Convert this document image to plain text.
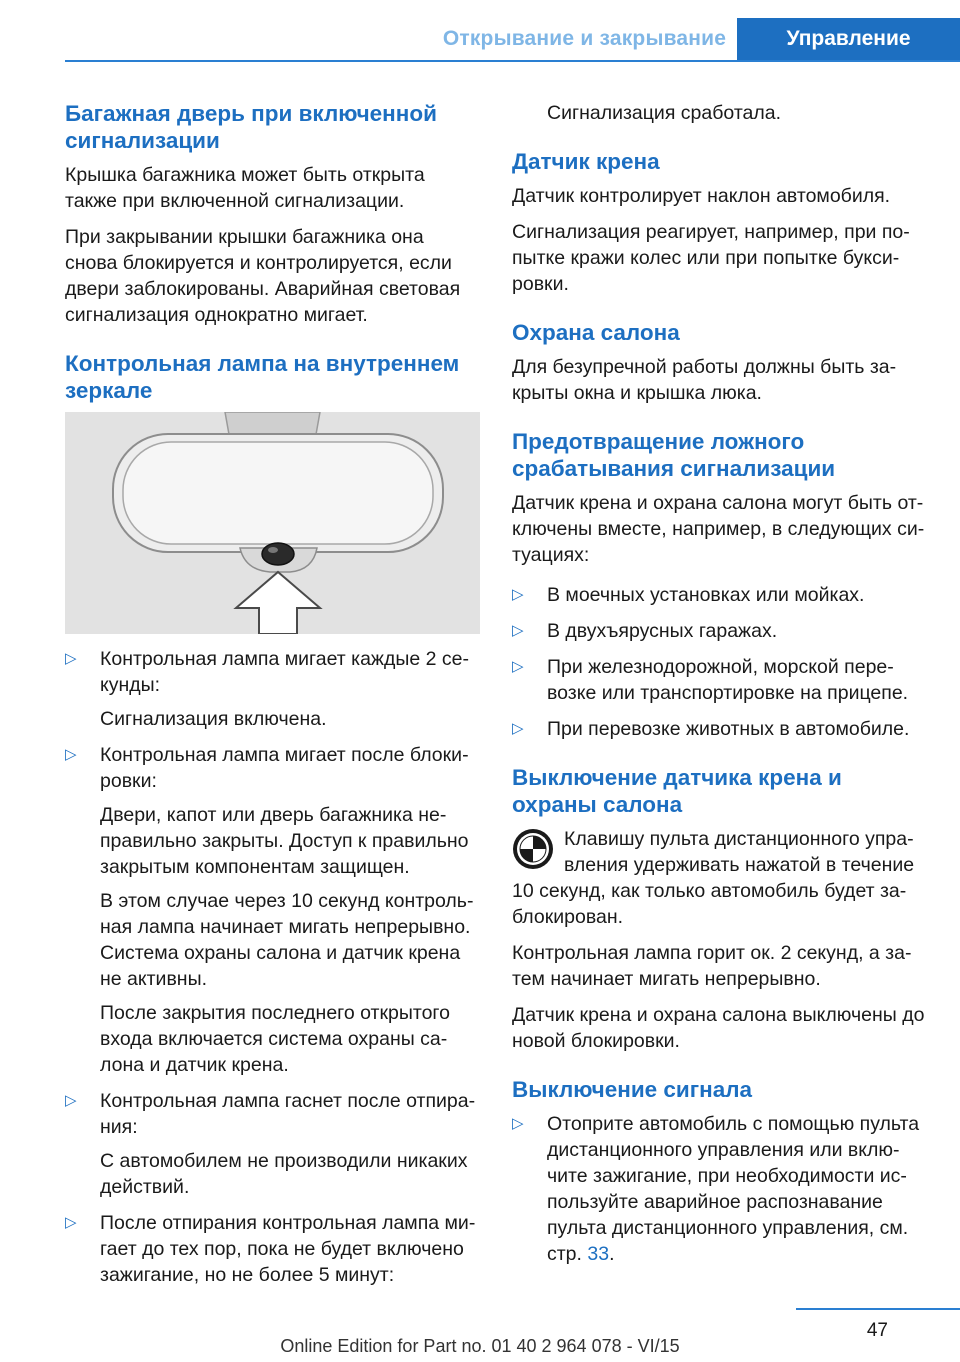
Открывание и закрывание	Управление
Багажная дверь при включенной сигнализации

Крышка багажника может быть открыта также при включенной сигнализации.

При закрывании крышки багажника она снова блокируется и контролируется, если двери заблокированы. Аварийная световая сигнализация однократно мигает.

Контрольная лампа на внутреннем зеркале
▷ Контрольная лампа мигает каждые 2 се-кунды:

Сигнализация включена.

▷ Контрольная лампа мигает после блоки-ровки:

Двери, капот или дверь багажника не-правильно закрыты. Доступ к правильно закрытым компонентам защищен.

В этом случае через 10 секунд контроль-ная лампа начинает мигать непрерывно. Система охраны салона и датчик крена не активны.

После закрытия последнего открытого входа включается система охраны са-лона и датчик крена.

▷ Контрольная лампа гаснет после отпира-ния:

С автомобилем не производили никаких действий.

▷ После отпирания контрольная лампа ми-гает до тех пор, пока не будет включено зажигание, но не более 5 минут:

Сигнализация сработала.

Датчик крена

Датчик контролирует наклон автомобиля.

Сигнализация реагирует, например, при по-пытке кражи колес или при попытке букси-ровки.

Охрана салона

Для безупречной работы должны быть за-крыты окна и крышка люка.

Предотвращение ложного срабатывания сигнализации

Датчик крена и охрана салона могут быть от-ключены вместе, например, в следующих си-туациях:

▷ В моечных установках или мойках.

▷ В двухъярусных гаражах.

▷ При железнодорожной, морской пере-возке или транспортировке на прицепе.

▷ При перевозке животных в автомобиле.

Выключение датчика крена и охраны салона

Клавишу пульта дистанционного упра-вления удерживать нажатой в течение

10 секунд, как только автомобиль будет за-блокирован.

Контрольная лампа горит ок. 2 секунд, а за-тем начинает мигать непрерывно.

Датчик крена и охрана салона выключены до новой блокировки.

Выключение сигнала
▷ Отоприте автомобиль с помощью пульта дистанционного управления или вклю-чите зажигание, при необходимости ис-пользуйте аварийное распознавание пульта дистанционного управления, см. стр. 33.

47
Online Edition for Part no. 01 40 2 964 078 - VI/15
